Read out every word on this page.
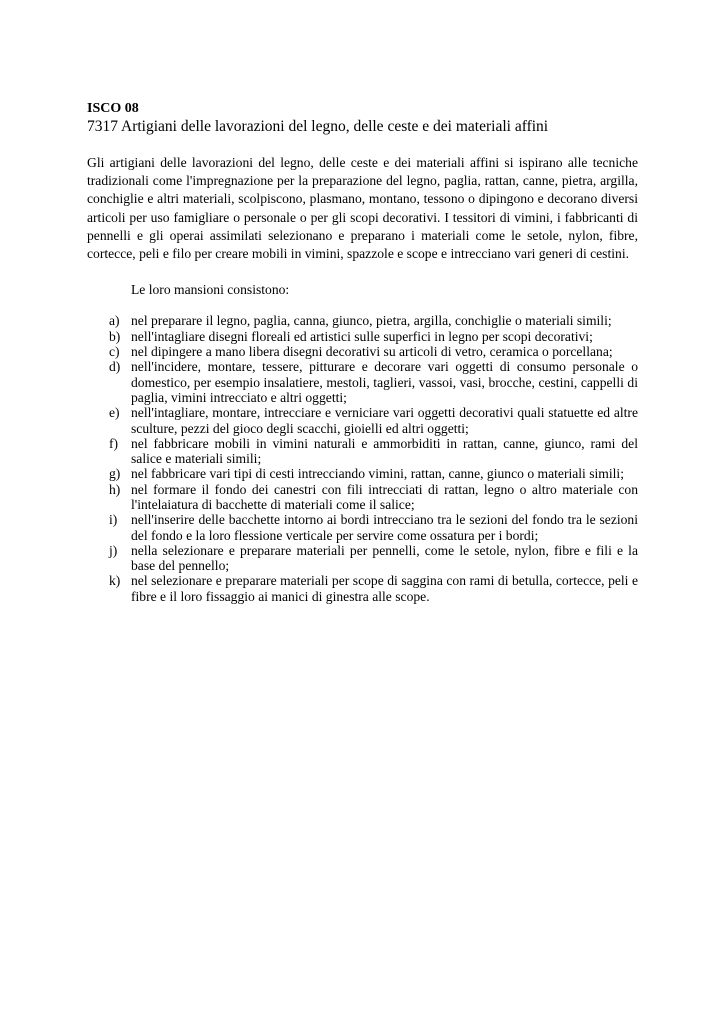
ISCO 08

7317 Artigiani delle lavorazioni del legno, delle ceste e dei materiali affini

Gli artigiani delle lavorazioni del legno, delle ceste e dei materiali affini si ispirano alle tecniche tradizionali come l'impregnazione per la preparazione del legno, paglia, rattan, canne, pietra, argilla, conchiglie e altri materiali, scolpiscono, plasmano, montano, tessono o dipingono e decorano diversi articoli per uso famigliare o personale o per gli scopi decorativi. I tessitori di vimini, i fabbricanti di pennelli e gli operai assimilati selezionano e preparano i materiali come le setole, nylon, fibre, cortecce, peli e filo per creare mobili in vimini, spazzole e scope e intrecciano vari generi di cestini.

Le loro mansioni consistono:

a) nel preparare il legno, paglia, canna, giunco, pietra, argilla, conchiglie o materiali simili;
b) nell'intagliare disegni floreali ed artistici sulle superfici in legno per scopi decorativi;
c) nel dipingere a mano libera disegni decorativi su articoli di vetro, ceramica o porcellana;
d) nell'incidere, montare, tessere, pitturare e decorare vari oggetti di consumo personale o domestico, per esempio insalatiere, mestoli, taglieri, vassoi, vasi, brocche, cestini, cappelli di paglia, vimini intrecciato e altri oggetti;
e) nell'intagliare, montare, intrecciare e verniciare vari oggetti decorativi quali statuette ed altre sculture, pezzi del gioco degli scacchi, gioielli ed altri oggetti;
f) nel fabbricare mobili in vimini naturali e ammorbiditi in rattan, canne, giunco, rami del salice e materiali simili;
g) nel fabbricare vari tipi di cesti intrecciando vimini, rattan, canne, giunco o materiali simili;
h) nel formare il fondo dei canestri con fili intrecciati di rattan, legno o altro materiale con l'intelaiatura di bacchette di materiali come il salice;
i) nell'inserire delle bacchette intorno ai bordi intrecciano tra le sezioni del fondo tra le sezioni del fondo e la loro flessione verticale per servire come ossatura per i bordi;
j) nella selezionare e preparare materiali per pennelli, come le setole, nylon, fibre e fili e la base del pennello;
k) nel selezionare e preparare materiali per scope di saggina con rami di betulla, cortecce, peli e fibre e il loro fissaggio ai manici di ginestra alle scope.
